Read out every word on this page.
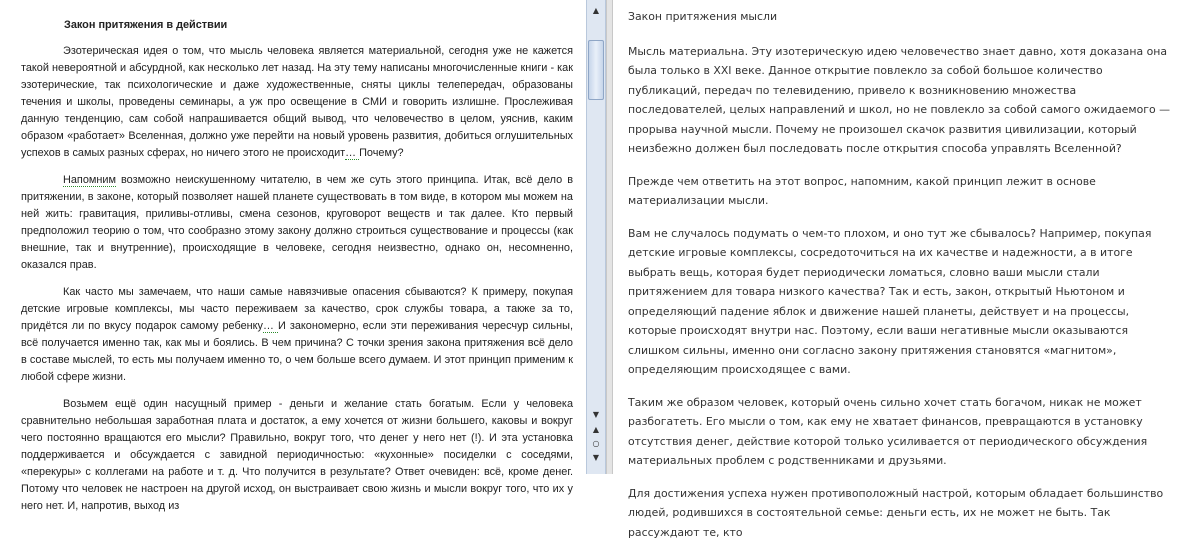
Закон притяжения в действии

Эзотерическая идея о том, что мысль человека является материальной, сегодня уже не кажется такой невероятной и абсурдной, как несколько лет назад. На эту тему написаны многочисленные книги - как эзотерические, так психологические и даже художественные, сняты циклы телепередач, образованы течения и школы, проведены семинары, а уж про освещение в СМИ и говорить излишне. Прослеживая данную тенденцию, сам собой напрашивается общий вывод, что человечество в целом, уяснив, каким образом «работает» Вселенная, должно уже перейти на новый уровень развития, добиться оглушительных успехов в самых разных сферах, но ничего этого не происходит… Почему?

Напомним возможно неискушенному читателю, в чем же суть этого принципа. Итак, всё дело в притяжении, в законе, который позволяет нашей планете существовать в том виде, в котором мы можем на ней жить: гравитация, приливы-отливы, смена сезонов, круговорот веществ и так далее. Кто первый предположил теорию о том, что сообразно этому закону должно строиться существование и процессы (как внешние, так и внутренние), происходящие в человеке, сегодня неизвестно, однако он, несомненно, оказался прав.

Как часто мы замечаем, что наши самые навязчивые опасения сбываются? К примеру, покупая детские игровые комплексы, мы часто переживаем за качество, срок службы товара, а также за то, придётся ли по вкусу подарок самому ребенку… И закономерно, если эти переживания чересчур сильны, всё получается именно так, как мы и боялись. В чем причина? С точки зрения закона притяжения всё дело в составе мыслей, то есть мы получаем именно то, о чем больше всего думаем. И этот принцип применим к любой сфере жизни.

Возьмем ещё один насущный пример - деньги и желание стать богатым. Если у человека сравнительно небольшая заработная плата и достаток, а ему хочется от жизни большего, каковы и вокруг чего постоянно вращаются его мысли? Правильно, вокруг того, что денег у него нет (!). И эта установка поддерживается и обсуждается с завидной периодичностью: «кухонные» посиделки с соседями, «перекуры» с коллегами на работе и т. д. Что получится в результате? Ответ очевиден: всё, кроме денег. Потому что человек не настроен на другой исход, он выстраивает свою жизнь и мысли вокруг того, что их у него нет. И, напротив, выход из

▲
▼
▲
○
▼
Закон притяжения мысли

Мысль материальна. Эту изотерическую идею человечество знает давно, хотя доказана она была только в XXI веке. Данное открытие повлекло за собой большое количество публикаций, передач по телевидению, привело к возникновению множества последователей, целых направлений и школ, но не повлекло за собой самого ожидаемого — прорыва научной мысли. Почему не произошел скачок развития цивилизации, который неизбежно должен был последовать после открытия способа управлять Вселенной?

Прежде чем ответить на этот вопрос, напомним, какой принцип лежит в основе материализации мысли.

Вам не случалось подумать о чем-то плохом, и оно тут же сбывалось? Например, покупая детские игровые комплексы, сосредоточиться на их качестве и надежности, а в итоге выбрать вещь, которая будет периодически ломаться, словно ваши мысли стали притяжением для товара низкого качества? Так и есть, закон, открытый Ньютоном и определяющий падение яблок и движение нашей планеты, действует и на процессы, которые происходят внутри нас. Поэтому, если ваши негативные мысли оказываются слишком сильны, именно они согласно закону притяжения становятся «магнитом», определяющим происходящее с вами.

Таким же образом человек, который очень сильно хочет стать богачом, никак не может разбогатеть. Его мысли о том, как ему не хватает финансов, превращаются в установку отсутствия денег, действие которой только усиливается от периодического обсуждения материальных проблем с родственниками и друзьями.

Для достижения успеха нужен противоположный настрой, которым обладает большинство людей, родившихся в состоятельной семье: деньги есть, их не может не быть. Так рассуждают те, кто
